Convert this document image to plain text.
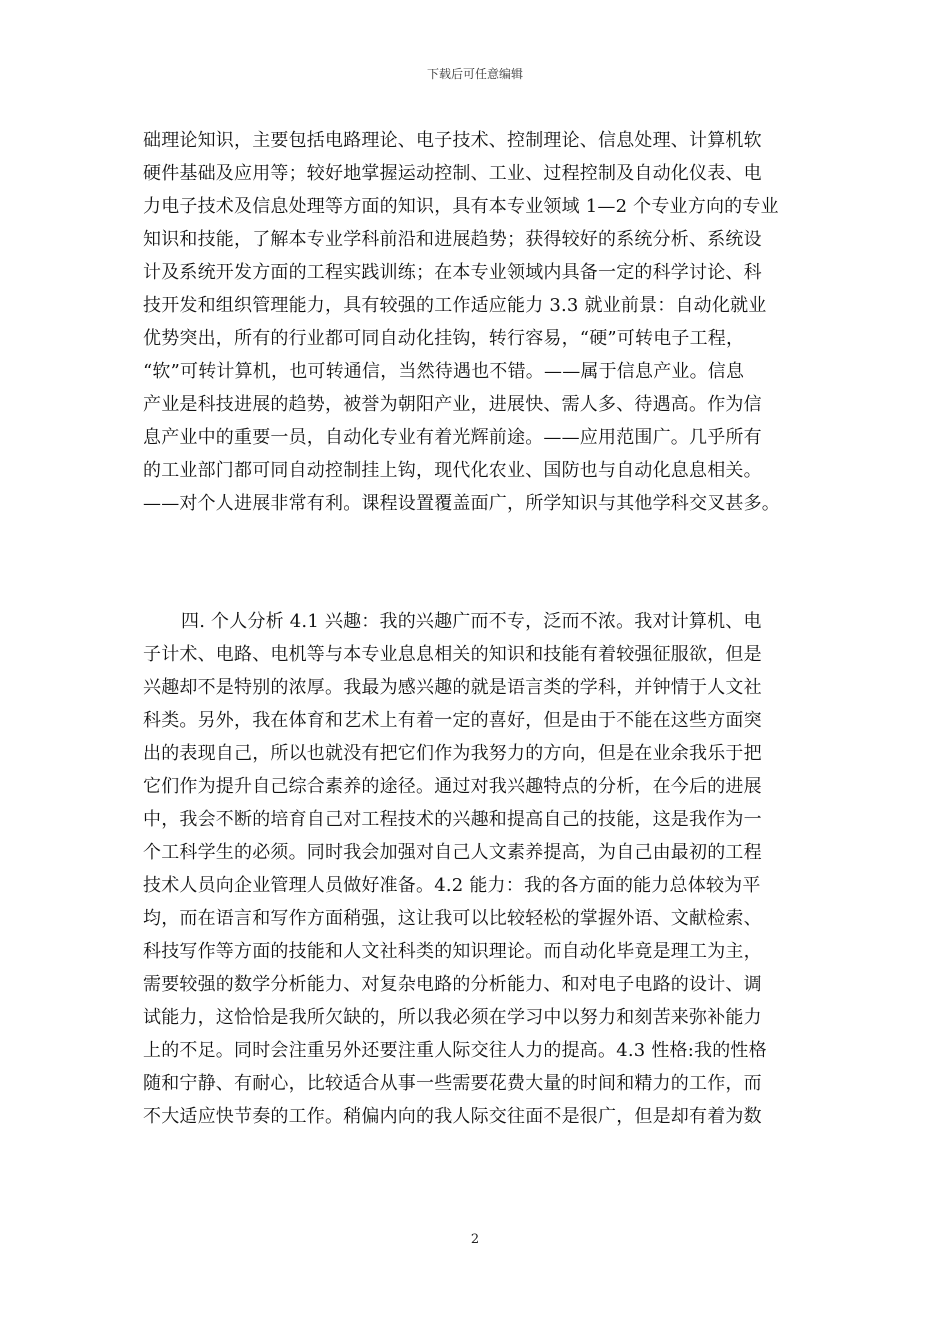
下载后可任意编辑
础理论知识，主要包括电路理论、电子技术、控制理论、信息处理、计算机软
硬件基础及应用等；较好地掌握运动控制、工业、过程控制及自动化仪表、电
力电子技术及信息处理等方面的知识，具有本专业领域 1—2 个专业方向的专业
知识和技能，了解本专业学科前沿和进展趋势；获得较好的系统分析、系统设
计及系统开发方面的工程实践训练；在本专业领域内具备一定的科学讨论、科
技开发和组织管理能力，具有较强的工作适应能力 3.3 就业前景：自动化就业
优势突出，所有的行业都可同自动化挂钩，转行容易，“硬”可转电子工程，
“软”可转计算机，也可转通信，当然待遇也不错。——属于信息产业。信息
产业是科技进展的趋势，被誉为朝阳产业，进展快、需人多、待遇高。作为信
息产业中的重要一员，自动化专业有着光辉前途。——应用范围广。几乎所有
的工业部门都可同自动控制挂上钩，现代化农业、国防也与自动化息息相关。
——对个人进展非常有利。课程设置覆盖面广，所学知识与其他学科交叉甚多。
四. 个人分析 4.1 兴趣：我的兴趣广而不专，泛而不浓。我对计算机、电
子计术、电路、电机等与本专业息息相关的知识和技能有着较强征服欲，但是
兴趣却不是特别的浓厚。我最为感兴趣的就是语言类的学科，并钟情于人文社
科类。另外，我在体育和艺术上有着一定的喜好，但是由于不能在这些方面突
出的表现自己，所以也就没有把它们作为我努力的方向，但是在业余我乐于把
它们作为提升自己综合素养的途径。通过对我兴趣特点的分析，在今后的进展
中，我会不断的培育自己对工程技术的兴趣和提高自己的技能，这是我作为一
个工科学生的必须。同时我会加强对自己人文素养提高，为自己由最初的工程
技术人员向企业管理人员做好准备。4.2 能力：我的各方面的能力总体较为平
均，而在语言和写作方面稍强，这让我可以比较轻松的掌握外语、文献检索、
科技写作等方面的技能和人文社科类的知识理论。而自动化毕竟是理工为主，
需要较强的数学分析能力、对复杂电路的分析能力、和对电子电路的设计、调
试能力，这恰恰是我所欠缺的，所以我必须在学习中以努力和刻苦来弥补能力
上的不足。同时会注重另外还要注重人际交往人力的提高。4.3 性格:我的性格
随和宁静、有耐心，比较适合从事一些需要花费大量的时间和精力的工作，而
不大适应快节奏的工作。稍偏内向的我人际交往面不是很广，但是却有着为数
2
